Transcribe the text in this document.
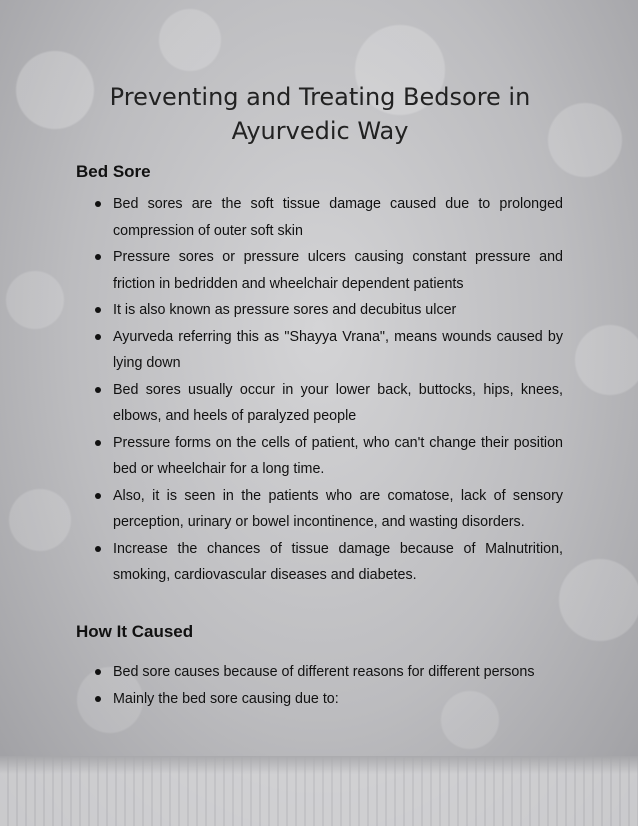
Preventing and Treating Bedsore in Ayurvedic Way
Bed Sore
Bed sores are the soft tissue damage caused due to prolonged compression of outer soft skin
Pressure sores or pressure ulcers causing constant pressure and friction in bedridden and wheelchair dependent patients
It is also known as pressure sores and decubitus ulcer
Ayurveda referring this as "Shayya Vrana", means wounds caused by lying down
Bed sores usually occur in your lower back, buttocks, hips, knees, elbows, and heels of paralyzed people
Pressure forms on the cells of patient, who can't change their position bed or wheelchair for a long time.
Also, it is seen in the patients who are comatose, lack of sensory perception, urinary or bowel incontinence, and wasting disorders.
Increase the chances of tissue damage because of Malnutrition, smoking, cardiovascular diseases and diabetes.
How It Caused
Bed sore causes because of different reasons for different persons
Mainly the bed sore causing due to:
